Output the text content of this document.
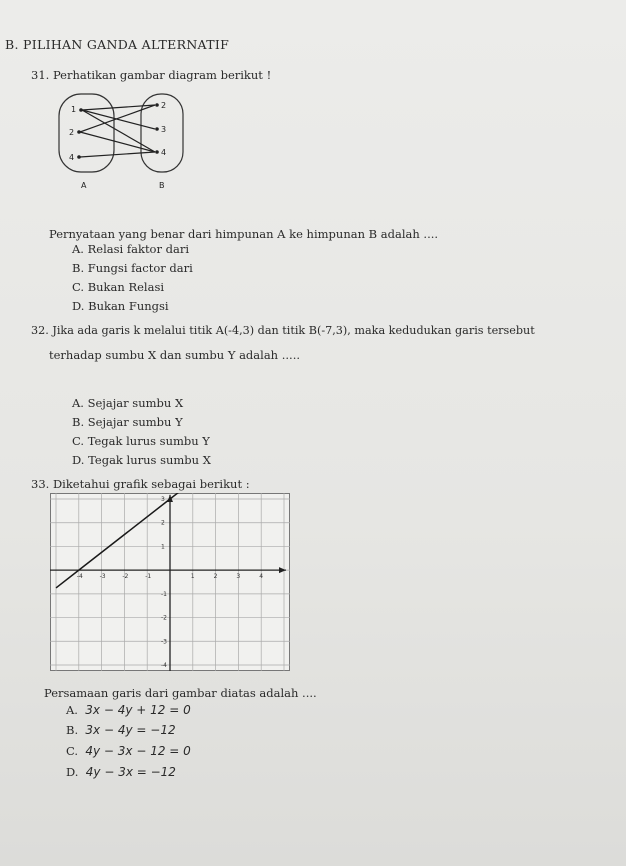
B. PILIHAN GANDA ALTERNATIF
31. Perhatikan gambar diagram berikut !
1
2
4
2
3
4
A	B
Pernyataan yang benar dari himpunan A ke himpunan B adalah ....
A. Relasi faktor dari
B. Fungsi factor dari
C. Bukan Relasi
D. Bukan Fungsi
32. Jika ada garis k melalui titik A(-4,3) dan titik B(-7,3), maka kedudukan garis tersebut
terhadap sumbu X dan sumbu Y adalah .....
A. Sejajar sumbu X
B. Sejajar sumbu Y
C. Tegak lurus sumbu Y
D. Tegak lurus sumbu X
33. Diketahui grafik sebagai berikut :
-4	-3	-2	-1	1	2	3	4
3
2
1
-1
-2
-3
-4
Persamaan garis dari gambar diatas adalah ....
A. 3x − 4y + 12 = 0
B. 3x − 4y = −12
C. 4y − 3x − 12 = 0
D. 4y − 3x = −12
